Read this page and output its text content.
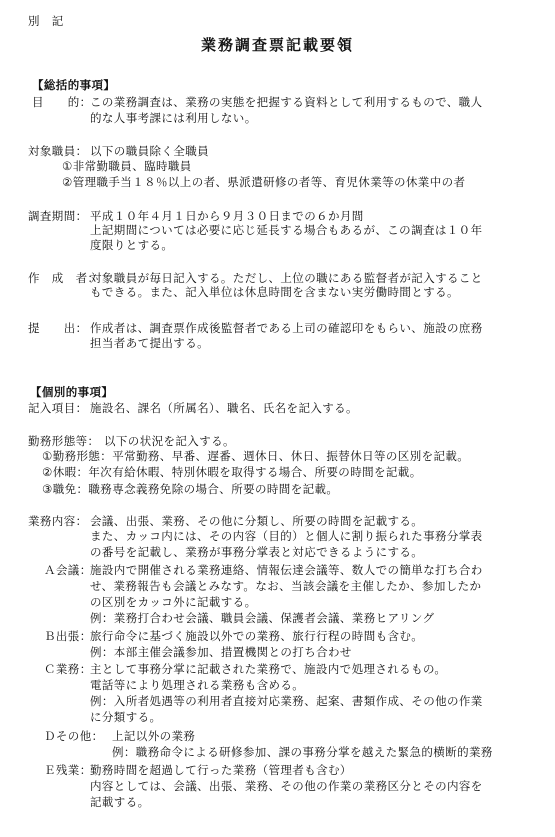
別　記
業務調査票記載要領
【総括的事項】
目　　的：
この業務調査は、業務の実態を把握する資料として利用するもので、職人
的な人事考課には利用しない。
対象職員： 以下の職員除く全職員
①非常勤職員、臨時職員
②管理職手当１８％以上の者、県派遣研修の者等、育児休業等の休業中の者
調査期間： 平成１０年４月１日から９月３０日までの６か月間
上記期間については必要に応じ延長する場合もあるが、この調査は１０年
度限りとする。
作　成　者：
対象職員が毎日記入する。ただし、上位の職にある監督者が記入すること
もできる。また、記入単位は休息時間を含まない実労働時間とする。
提　　出： 作成者は、調査票作成後監督者である上司の確認印をもらい、施設の庶務
担当者あて提出する。
【個別的事項】
記入項目： 施設名、課名（所属名）、職名、氏名を記入する。
勤務形態等： 以下の状況を記入する。
①勤務形態：平常勤務、早番、遅番、週休日、休日、振替休日等の区別を記載。
②休暇：年次有給休暇、特別休暇を取得する場合、所要の時間を記載。
③職免：職務専念義務免除の場合、所要の時間を記載。
業務内容： 会議、出張、業務、その他に分類し、所要の時間を記載する。
また、カッコ内には、その内容（目的）と個人に割り振られた事務分掌表
の番号を記載し、業務が事務分掌表と対応できるようにする。
Ａ会議：
施設内で開催される業務連絡、情報伝達会議等、数人での簡単な打ち合わ
せ、業務報告も会議とみなす。なお、当該会議を主催したか、参加したか
の区別をカッコ外に記載する。
例：業務打合わせ会議、職員会議、保護者会議、業務ヒアリング
Ｂ出張：
旅行命令に基づく施設以外での業務、旅行行程の時間も含む。
例：本部主催会議参加、措置機関との打ち合わせ
Ｃ業務：
主として事務分掌に記載された業務で、施設内で処理されるもの。
電話等により処理される業務も含める。
例：入所者処遇等の利用者直接対応業務、起案、書類作成、その他の作業
に分類する。
Ｄその他： 上記以外の業務
例：職務命令による研修参加、課の事務分掌を越えた緊急的横断的業務
Ｅ残業：
勤務時間を超過して行った業務（管理者も含む）
内容としては、会議、出張、業務、その他の作業の業務区分とその内容を
記載する。
